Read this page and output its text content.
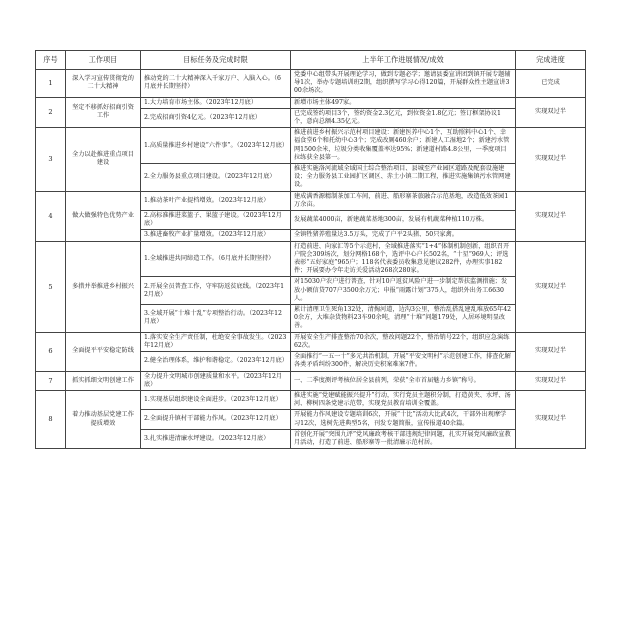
序号	工作项目	目标任务及完成时限	上半年工作进展情况/成效	完成进度
1	深入学习宣传贯彻党的二十大精神	推动党的二十大精神深入千家万户、入脑入心。（6月底并长期坚持）	党委中心组带头开展理论学习，做到专题必学；邀请县委宣讲团到镇开展专题辅导1次，举办专题培训班2期，组织撰写学习心得120篇，开展群众性主题宣讲300余场次。	已完成
2	坚定不移抓好招商引资工作	1.大力培育市场主体。（2023年12月底）	新增市场主体497家。	实现双过半
		2.完成招商引资4亿元。（2023年12月底）	已完成签约项目3个，签约资金2.3亿元，到位资金1.8亿元；签订框架协议1个，意向总额4.35亿元。	
3	全力以赴推进重点项目建设	1.高质量推进乡村建设“六件事”。（2023年12月底）	推进前进乡村振兴示范村项目建设：新建医养中心1个、互助照料中心1个、幸福食堂6个和托幼中心3个；完成改厕460余户；新建人工湿地2个；新建污水管网1500余米，垃圾分类收集覆盖率达95%；新建道村路4.8公里，一季度项目拉练获全县第一。	实现双过半
		2.全力服务县重点项目建设。（2023年12月底）	推进实施洛河流域全域国土综合整治项目、县城至产业园区道路及配套设施建设；全力服务县工业园扩区调区、赤土小镇二期工程，推进实施集镇污水管网建设。	
4	做大做强特色优势产业	1.推动茶叶产业提档增效。（2023年12月底）	建成满香源精制茶加工车间，前进、船形寨茶旅融合示范基地，改造低效茶园1万余亩。	实现双过半
		2.高标准推进菜篮子、果篮子建设。（2023年12月底）	发展蔬菜4000亩，新建蔬菜基地300亩，发展有机蔬菜种植110万株。	
		3.推进畜牧产业扩量增效。（2023年12月底）	全镇牲猪养殖量达3.5万头，完成了户平2头猪、50只家禽。	
5	多措并举推进乡村振兴	1.全域推进共同缔造工作。（6月底并长期坚持）	打造前进、向家汇等5个示范村，全域推进落实“1+4”体制机制创新，组织召开户院会309场次，划分网格168个，选评中心户长502名，“十星”969人；评选表彰“五好家庭”965户；118名代表委员收集意见建议282件，办理实事182件；开展要办令年走访关爱活动268次280家。	实现双过半
		2.开展全员普查工作，守牢防返贫底线。（2023年12月底）	对15030户农户进行普查，针对10户返贫风险户进一步制定帮扶监测措施；发放小额信贷707户3500余万元；申报“雨露计划”375人，组织外出务工6630人。	
		3.全域开展“十堆十乱”专项整治行动。（2023年12月底）	累计清理卫生死角132处，清掏河道，边沟3公里，整治乱搭乱建乱堆放65年420余方，大堆杂货物料23车90余吨，清理“十堆”问题179处，人居环境明显改善。	
6	全面提平平安稳定防线	1.落实安全生产责任制，杜绝安全事故发生。（2023年12月底）	开展安全生产排查整治70余次，整改问题22个，整治销号22个，组织应急演练62次。	实现双过半
		2.健全治理体系，维护和谐稳定。（2023年12月底）	全面推行“一五一十”多元共治机制，开展“平安文明村”示范创建工作，排查化解各类矛盾纠纷300件，解决历史积案难案7件。	
7	抓实抓细文明创建工作	全力提升文明城市创建质量和水平。（2023年12月底）	一、二季度测评考核位居全县前列，荣获“全市首届魅力乡镇”称号。	实现双过半
8	着力推动基层党建工作提质增效	1.实现基层组织建设全面进步。（2023年12月底）	推进实施“党建赋能振兴提升”行动，实行党员主题积分制，打造黄夹、水坪、汤河、柳树四条党建示范带，实现党员教育培训全覆盖。	实现双过半
		2.全面提升镇村干部能力作风。（2023年12月底）	开展能力作风建设专题培训6次，开展“十比”活动大比武4次，干部外出观摩学习12次，选树先进典型5名，刊发专题简报，宣传报道40余篇。	
		3.扎实推进清廉水坪建设。（2023年12月底）	首创化开展“突围九评”党风廉政考核干部违规纪律问题，扎实开展党风廉政宣教月活动，打造了前进、船形寨等一批清廉示范村居。	
